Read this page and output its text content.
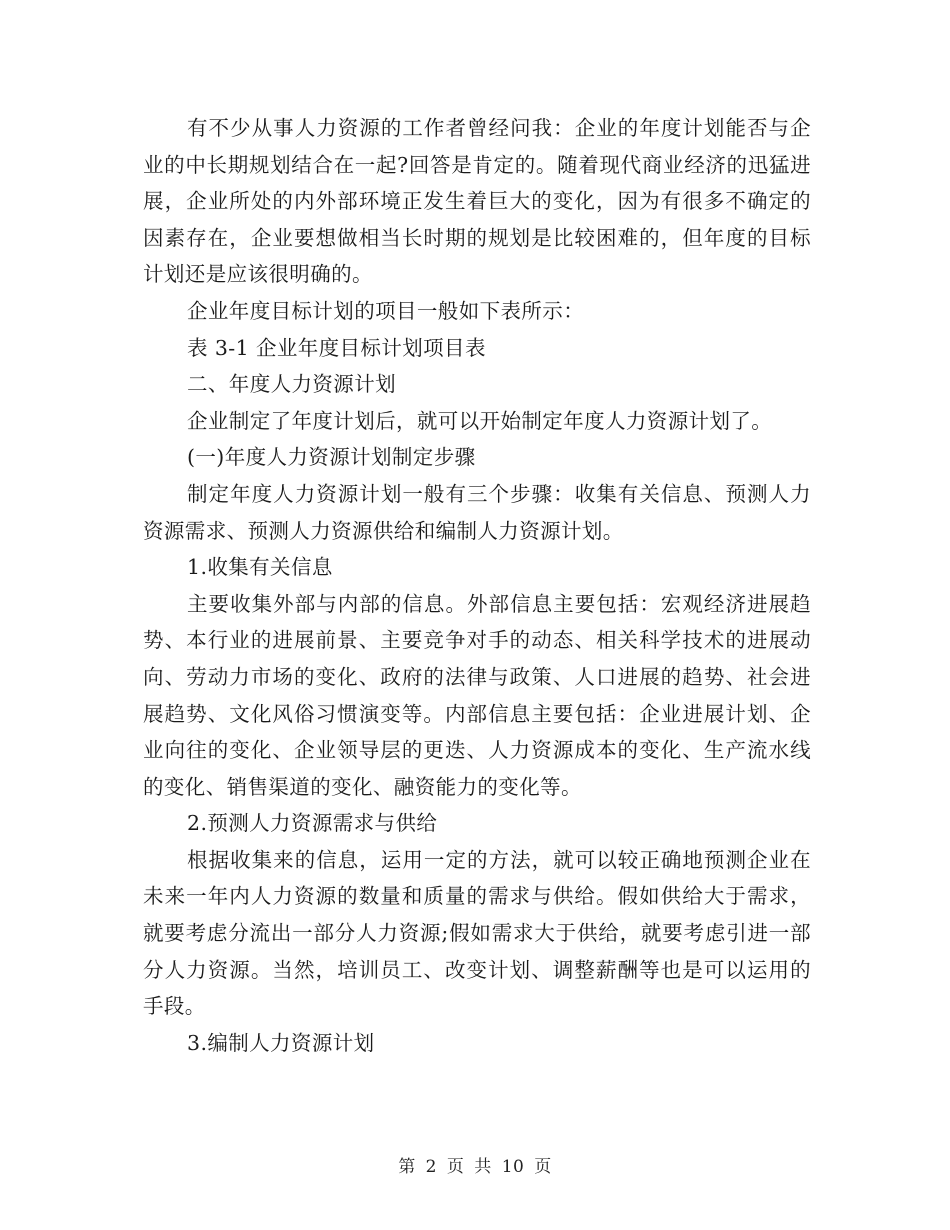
有不少从事人力资源的工作者曾经问我：企业的年度计划能否与企业的中长期规划结合在一起?回答是肯定的。随着现代商业经济的迅猛进展，企业所处的内外部环境正发生着巨大的变化，因为有很多不确定的因素存在，企业要想做相当长时期的规划是比较困难的，但年度的目标计划还是应该很明确的。

企业年度目标计划的项目一般如下表所示：

表 3-1 企业年度目标计划项目表

二、年度人力资源计划

企业制定了年度计划后，就可以开始制定年度人力资源计划了。

(一)年度人力资源计划制定步骤

制定年度人力资源计划一般有三个步骤：收集有关信息、预测人力资源需求、预测人力资源供给和编制人力资源计划。

1.收集有关信息

主要收集外部与内部的信息。外部信息主要包括：宏观经济进展趋势、本行业的进展前景、主要竞争对手的动态、相关科学技术的进展动向、劳动力市场的变化、政府的法律与政策、人口进展的趋势、社会进展趋势、文化风俗习惯演变等。内部信息主要包括：企业进展计划、企业向往的变化、企业领导层的更迭、人力资源成本的变化、生产流水线的变化、销售渠道的变化、融资能力的变化等。

2.预测人力资源需求与供给

根据收集来的信息，运用一定的方法，就可以较正确地预测企业在未来一年内人力资源的数量和质量的需求与供给。假如供给大于需求，就要考虑分流出一部分人力资源;假如需求大于供给，就要考虑引进一部分人力资源。当然，培训员工、改变计划、调整薪酬等也是可以运用的手段。

3.编制人力资源计划

第 2 页 共 10 页
